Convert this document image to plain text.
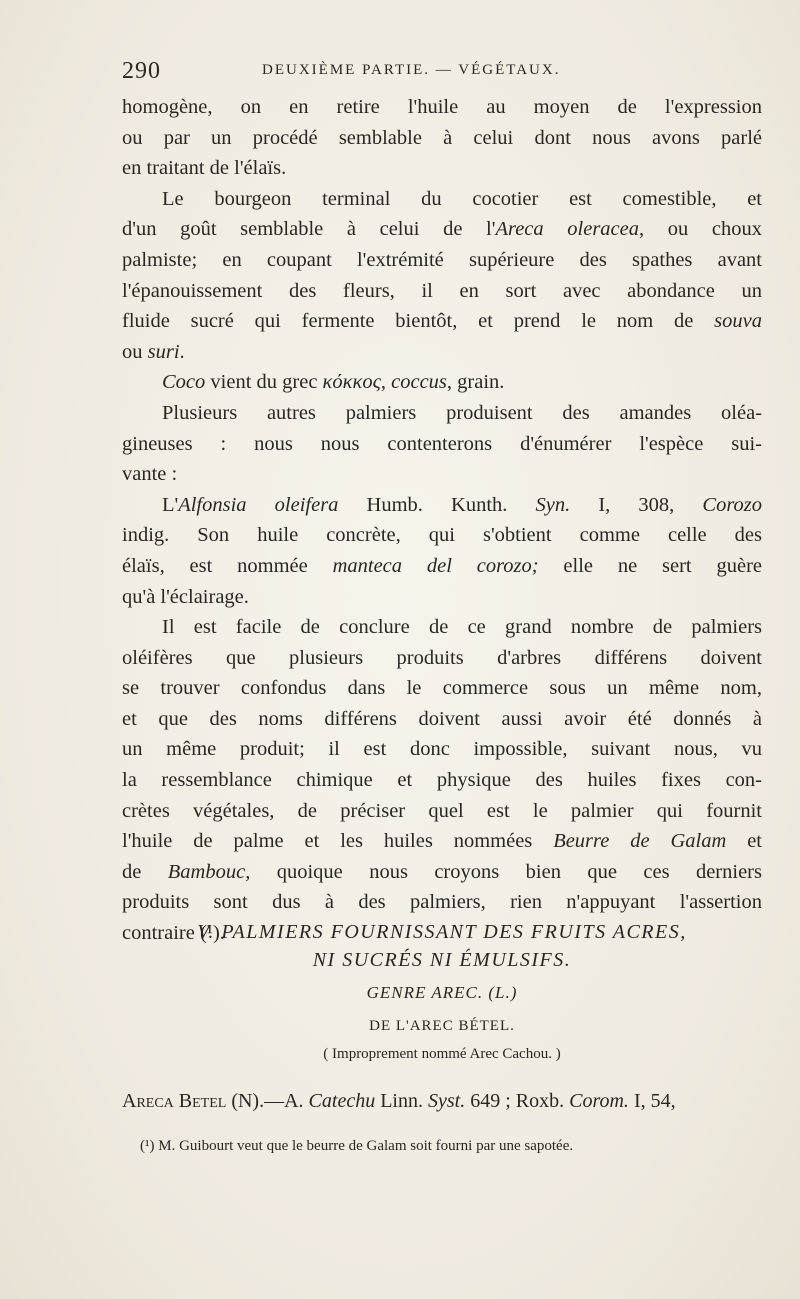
290	DEUXIÈME PARTIE. — VÉGÉTAUX.
homogène, on en retire l'huile au moyen de l'expression
ou par un procédé semblable à celui dont nous avons parlé
en traitant de l'élaïs.
Le bourgeon terminal du cocotier est comestible, et
d'un goût semblable à celui de l'Areca oleracea, ou choux
palmiste; en coupant l'extrémité supérieure des spathes avant
l'épanouissement des fleurs, il en sort avec abondance un
fluide sucré qui fermente bientôt, et prend le nom de souva
ou suri.
Coco vient du grec κόκκος, coccus, grain.
Plusieurs autres palmiers produisent des amandes oléa-
gineuses : nous nous contenterons d'énumérer l'espèce sui-
vante :
L'Alfonsia oleifera Humb. Kunth. Syn. I, 308, Corozo
indig. Son huile concrète, qui s'obtient comme celle des
élaïs, est nommée manteca del corozo; elle ne sert guère
qu'à l'éclairage.
Il est facile de conclure de ce grand nombre de palmiers
oléifères que plusieurs produits d'arbres différens doivent
se trouver confondus dans le commerce sous un même nom,
et que des noms différens doivent aussi avoir été donnés à
un même produit; il est donc impossible, suivant nous, vu
la ressemblance chimique et physique des huiles fixes con-
crètes végétales, de préciser quel est le palmier qui fournit
l'huile de palme et les huiles nommées Beurre de Galam et
de Bambouc, quoique nous croyons bien que ces derniers
produits sont dus à des palmiers, rien n'appuyant l'assertion
contraire (¹).
V. PALMIERS FOURNISSANT DES FRUITS ACRES,
NI SUCRÉS NI ÉMULSIFS.
GENRE AREC. (L.)
DE L'AREC BÉTEL.
( Improprement nommé Arec Cachou. )
Areca Betel (N).—A. Catechu Linn. Syst. 649 ; Roxb. Corom. I, 54,
(¹) M. Guibourt veut que le beurre de Galam soit fourni par une sapotée.
